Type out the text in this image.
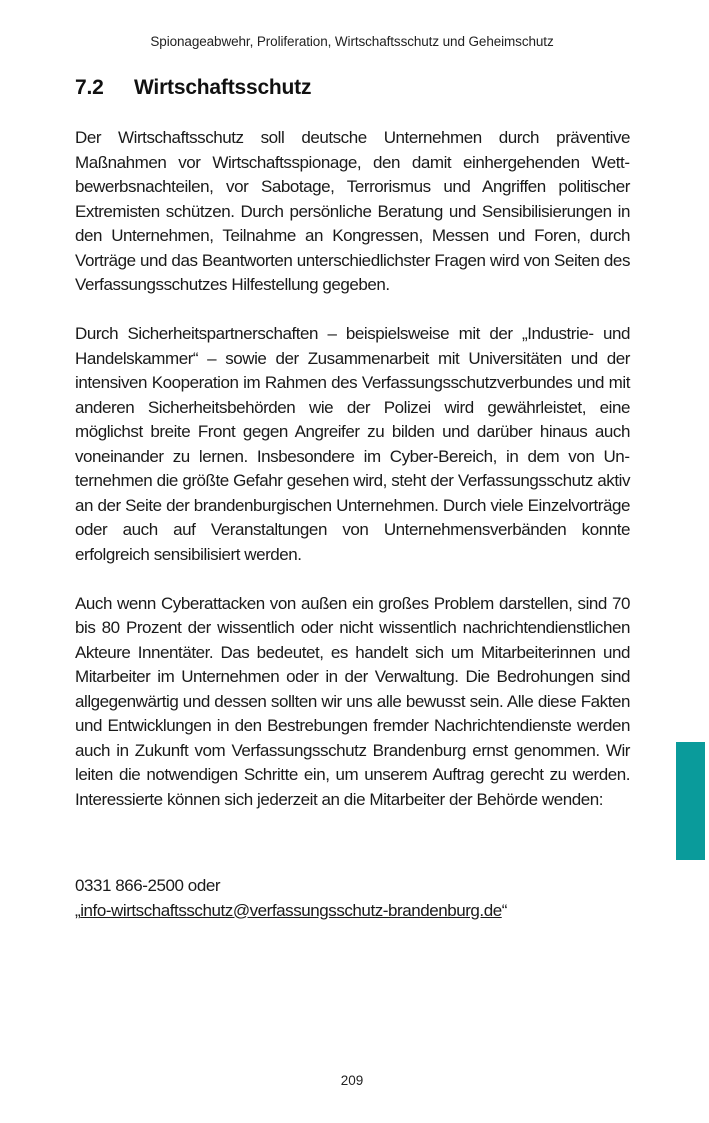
Spionageabwehr, Proliferation, Wirtschaftsschutz und Geheimschutz
7.2 Wirtschaftsschutz

Der Wirtschaftsschutz soll deutsche Unternehmen durch präventive Maßnahmen vor Wirtschaftsspionage, den damit einhergehenden Wettbewerbsnachteilen, vor Sabotage, Terrorismus und Angriffen politischer Extremisten schützen. Durch persönliche Beratung und Sensibilisierungen in den Unternehmen, Teilnahme an Kongressen, Messen und Foren, durch Vorträge und das Beantworten unterschiedlichster Fragen wird von Seiten des Verfassungsschutzes Hilfestellung gegeben.

Durch Sicherheitspartnerschaften – beispielsweise mit der „Industrie- und Handelskammer“ – sowie der Zusammenarbeit mit Universitäten und der intensiven Kooperation im Rahmen des Verfassungsschutzverbundes und mit anderen Sicherheitsbehörden wie der Polizei wird gewährleistet, eine möglichst breite Front gegen Angreifer zu bilden und darüber hinaus auch voneinander zu lernen. Insbesondere im Cyber-Bereich, in dem von Unternehmen die größte Gefahr gesehen wird, steht der Verfassungsschutz aktiv an der Seite der brandenburgischen Unternehmen. Durch viele Einzelvorträge oder auch auf Veranstaltungen von Unternehmensverbänden konnte erfolgreich sensibilisiert werden.

Auch wenn Cyberattacken von außen ein großes Problem darstellen, sind 70 bis 80 Prozent der wissentlich oder nicht wissentlich nachrichtendienstlichen Akteure Innentäter. Das bedeutet, es handelt sich um Mitarbeiterinnen und Mitarbeiter im Unternehmen oder in der Verwaltung. Die Bedrohungen sind allgegenwärtig und dessen sollten wir uns alle bewusst sein. Alle diese Fakten und Entwicklungen in den Bestrebungen fremder Nachrichtendienste werden auch in Zukunft vom Verfassungsschutz Brandenburg ernst genommen. Wir leiten die notwendigen Schritte ein, um unserem Auftrag gerecht zu werden. Interessierte können sich jederzeit an die Mitarbeiter der Behörde wenden:

0331 866-2500 oder
„info-wirtschaftsschutz@verfassungsschutz-brandenburg.de“
209
